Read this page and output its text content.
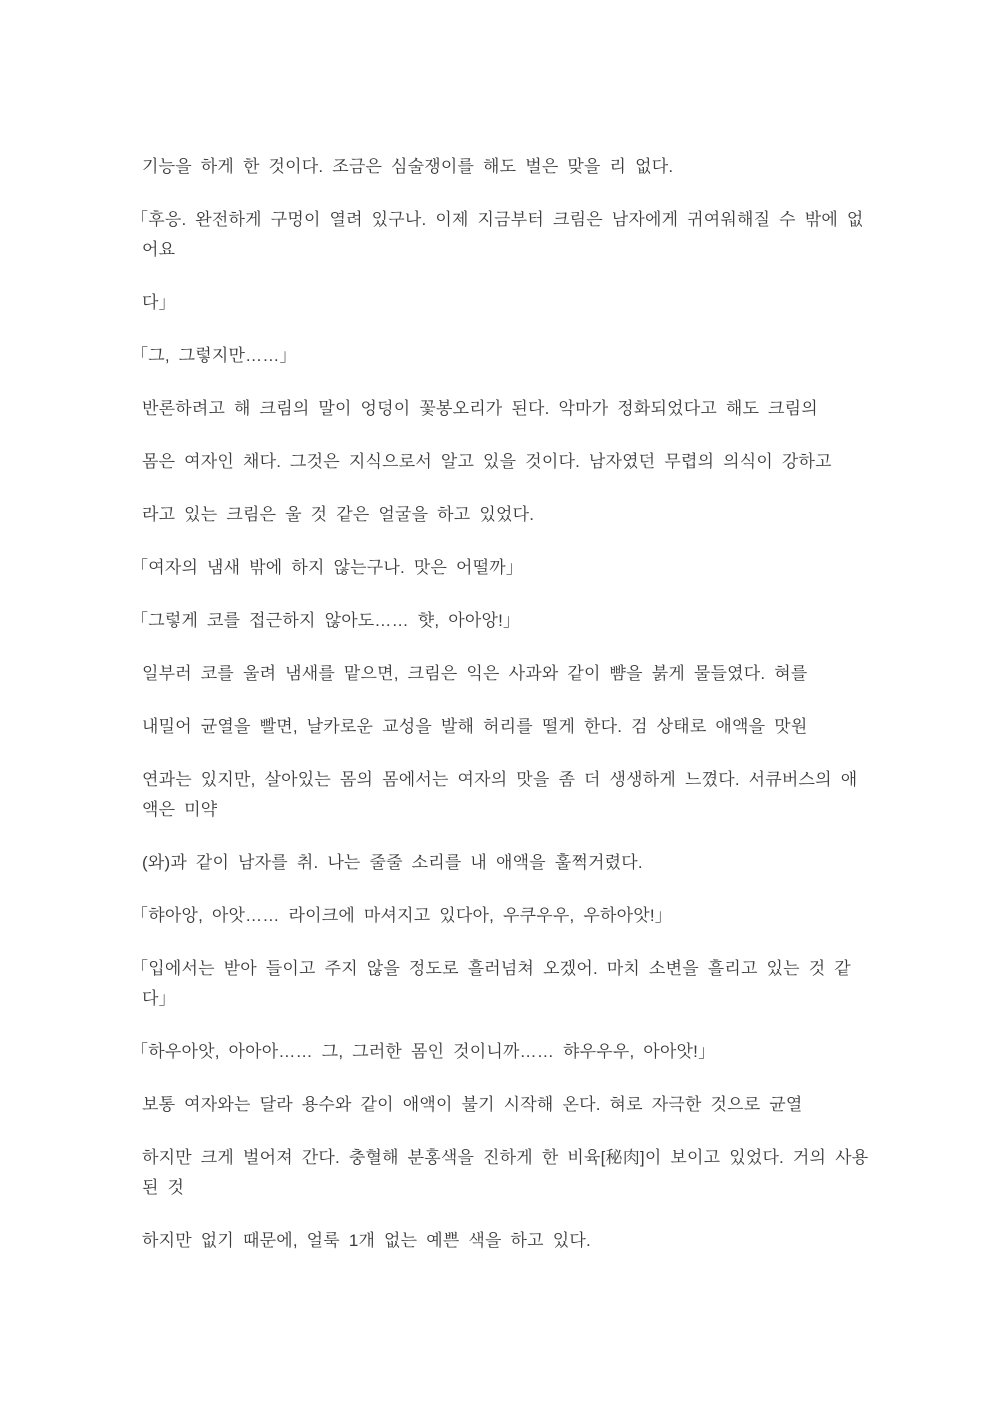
기능을 하게 한 것이다. 조금은 심술쟁이를 해도 벌은 맞을 리 없다.
「후응. 완전하게 구멍이 열려 있구나. 이제 지금부터 크림은 남자에게 귀여워해질 수 밖에 없
어요
다」
「그, 그렇지만……」
반론하려고 해 크림의 말이 엉덩이 꽃봉오리가 된다. 악마가 정화되었다고 해도 크림의
몸은 여자인 채다. 그것은 지식으로서 알고 있을 것이다. 남자였던 무렵의 의식이 강하고
라고 있는 크림은 울 것 같은 얼굴을 하고 있었다.
「여자의 냄새 밖에 하지 않는구나. 맛은 어떨까」
「그렇게 코를 접근하지 않아도…… 햣, 아아앙!」
일부러 코를 울려 냄새를 맡으면, 크림은 익은 사과와 같이 뺨을 붉게 물들였다. 혀를
내밀어 균열을 빨면, 날카로운 교성을 발해 허리를 떨게 한다. 검 상태로 애액을 맛원
연과는 있지만, 살아있는 몸의 몸에서는 여자의 맛을 좀 더 생생하게 느꼈다. 서큐버스의 애
액은 미약
(와)과 같이 남자를 취. 나는 줄줄 소리를 내 애액을 훌쩍거렸다.
「햐아앙, 아앗…… 라이크에 마셔지고 있다아, 우쿠우우, 우하아앗!」
「입에서는 받아 들이고 주지 않을 정도로 흘러넘쳐 오겠어. 마치 소변을 흘리고 있는 것 같
다」
「하우아앗, 아아아…… 그, 그러한 몸인 것이니까…… 햐우우우, 아아앗!」
보통 여자와는 달라 용수와 같이 애액이 불기 시작해 온다. 혀로 자극한 것으로 균열
하지만 크게 벌어져 간다. 충혈해 분홍색을 진하게 한 비육[秘肉]이 보이고 있었다. 거의 사용
된 것
하지만 없기 때문에, 얼룩 1개 없는 예쁜 색을 하고 있다.
